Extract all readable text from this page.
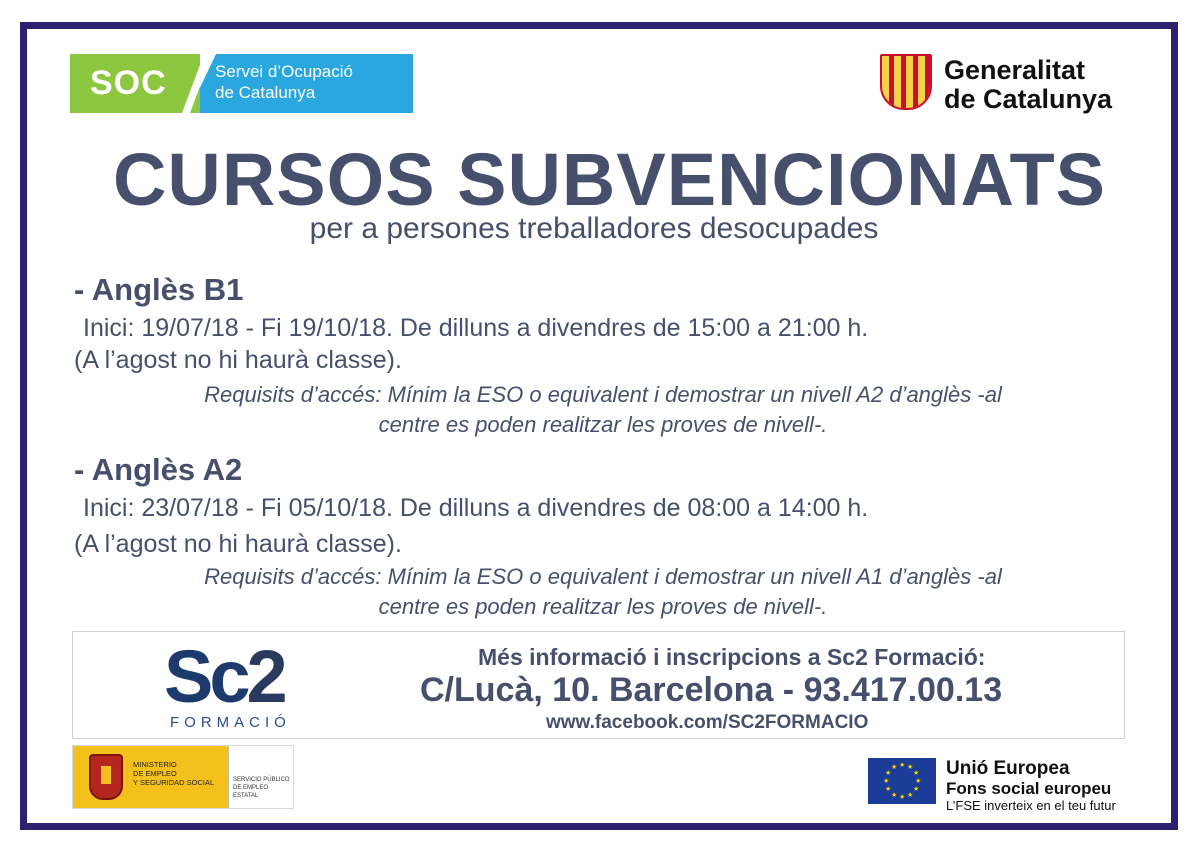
SOC	Servei d’Ocupació
de Catalunya
Generalitat
de Catalunya
CURSOS SUBVENCIONATS
per a persones treballadores desocupades
- Anglès B1
Inici: 19/07/18 - Fi 19/10/18. De dilluns a divendres de 15:00 a 21:00 h.
(A l’agost no hi haurà classe).
Requisits d’accés: Mínim la ESO o equivalent i demostrar un nivell A2 d’anglès -al
centre es poden realitzar les proves de nivell-.
- Anglès A2
Inici: 23/07/18 - Fi 05/10/18. De dilluns a divendres de 08:00 a 14:00 h.
(A l’agost no hi haurà classe).
Requisits d’accés: Mínim la ESO o equivalent i demostrar un nivell A1 d’anglès -al
centre es poden realitzar les proves de nivell-.
Sc2
FORMACIÓ
Més informació i inscripcions a Sc2 Formació:
C/Lucà, 10. Barcelona - 93.417.00.13
www.facebook.com/SC2FORMACIO
MINISTERIO
DE EMPLEO
Y SEGURIDAD SOCIAL	SERVICIO PÚBLICO
DE EMPLEO ESTATAL
★ ★
★
★
★
★
★
★
★
★
★
★	Unió Europea
Fons social europeu
L’FSE inverteix en el teu futur
